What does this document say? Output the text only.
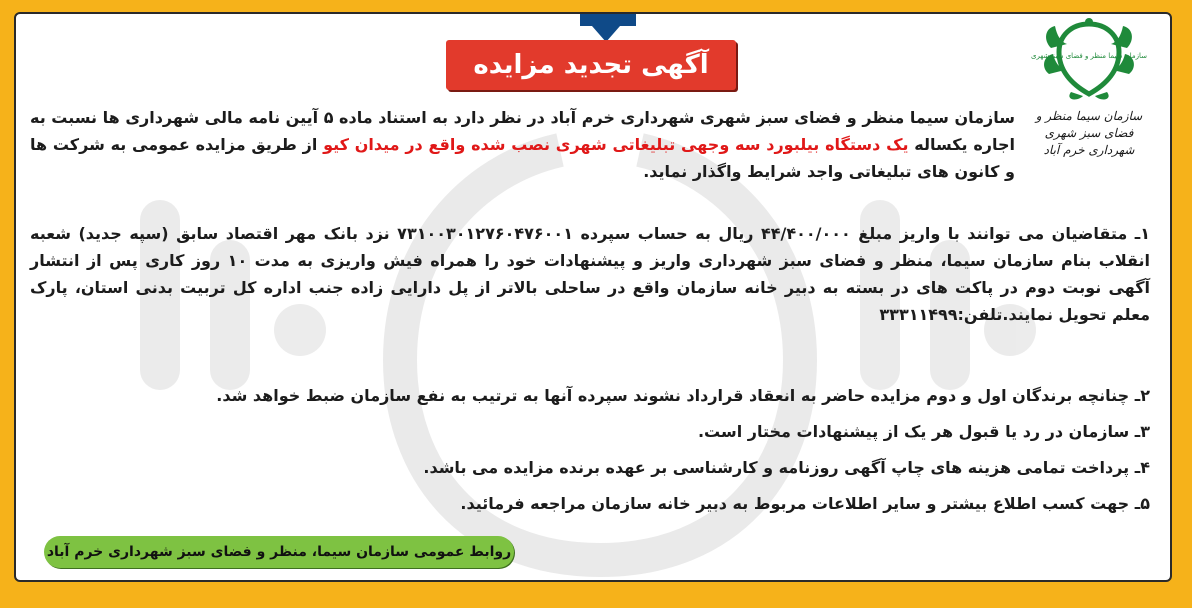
سازمان سیما منظر و فضای سبز شهری
سازمان سیما منظر و فضای سبز شهری
شهرداری خرم آباد
آگهی تجدید مزایده

سازمان سیما منظر و فضای سبز شهری شهرداری خرم آباد در نظر دارد به استناد ماده ۵ آیین نامه مالی شهرداری ها نسبت به اجاره یکساله یک دستگاه بیلبورد سه وجهی تبلیغاتی شهری نصب شده واقع در میدان کیو از طریق مزایده عمومی به شرکت ها و کانون های تبلیغاتی واجد شرایط واگذار نماید.

۱ـ متقاضیان می توانند با واریز مبلغ ۴۴/۴۰۰/۰۰۰ ریال به حساب سپرده ۷۳۱۰۰۳۰۱۲۷۶۰۴۷۶۰۰۱ نزد بانک مهر اقتصاد سابق (سپه جدید) شعبه انقلاب بنام سازمان سیما، منظر و فضای سبز شهرداری واریز و پیشنهادات خود را همراه فیش واریزی به مدت ۱۰ روز کاری پس از انتشار آگهی نوبت دوم در پاکت های در بسته به دبیر خانه سازمان واقع در ساحلی بالاتر از پل دارایی زاده جنب اداره کل تربیت بدنی استان، پارک معلم تحویل نمایند.تلفن:۳۳۳۱۱۴۹۹
۲ـ چنانچه برندگان اول و دوم مزایده حاضر به انعقاد قرارداد نشوند سپرده آنها به ترتیب به نفع سازمان ضبط خواهد شد.
۳ـ سازمان در رد یا قبول هر یک از پیشنهادات مختار است.
۴ـ پرداخت تمامی هزینه های چاپ آگهی روزنامه و کارشناسی بر عهده برنده مزایده می باشد.
۵ـ جهت کسب اطلاع بیشتر و سایر اطلاعات مربوط به دبیر خانه سازمان مراجعه فرمائید.
روابط عمومی سازمان سیما، منظر و فضای سبز شهرداری خرم آباد
